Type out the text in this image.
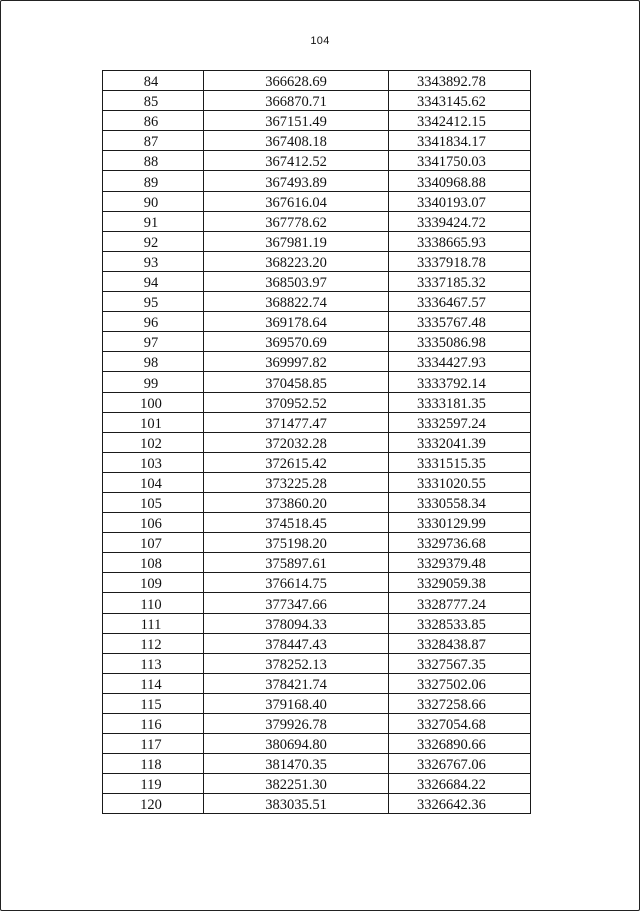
104
84	366628.69	3343892.78
85	366870.71	3343145.62
86	367151.49	3342412.15
87	367408.18	3341834.17
88	367412.52	3341750.03
89	367493.89	3340968.88
90	367616.04	3340193.07
91	367778.62	3339424.72
92	367981.19	3338665.93
93	368223.20	3337918.78
94	368503.97	3337185.32
95	368822.74	3336467.57
96	369178.64	3335767.48
97	369570.69	3335086.98
98	369997.82	3334427.93
99	370458.85	3333792.14
100	370952.52	3333181.35
101	371477.47	3332597.24
102	372032.28	3332041.39
103	372615.42	3331515.35
104	373225.28	3331020.55
105	373860.20	3330558.34
106	374518.45	3330129.99
107	375198.20	3329736.68
108	375897.61	3329379.48
109	376614.75	3329059.38
110	377347.66	3328777.24
111	378094.33	3328533.85
112	378447.43	3328438.87
113	378252.13	3327567.35
114	378421.74	3327502.06
115	379168.40	3327258.66
116	379926.78	3327054.68
117	380694.80	3326890.66
118	381470.35	3326767.06
119	382251.30	3326684.22
120	383035.51	3326642.36
